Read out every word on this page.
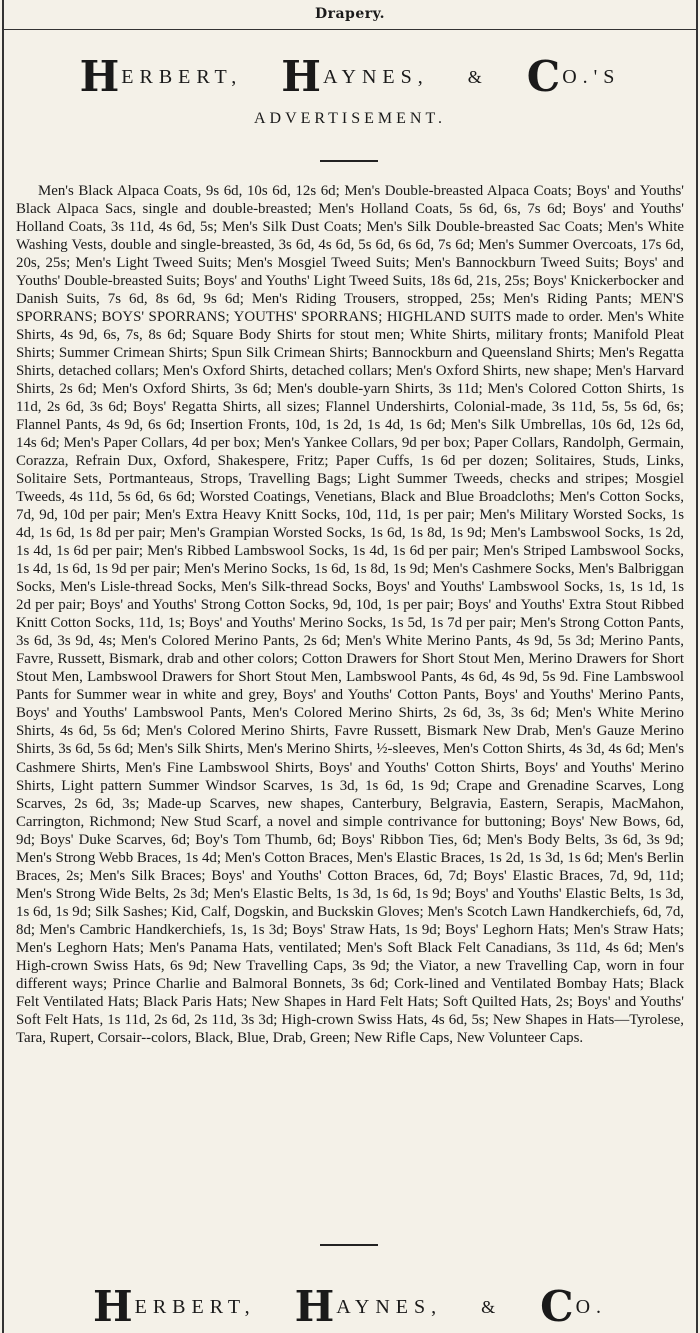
Drapery.
HERBERT, H AYNES, & C O.'S
ADVERTISEMENT.
Men's Black Alpaca Coats, 9s 6d, 10s 6d, 12s 6d; Men's Double-breasted Alpaca Coats; Boys' and Youths' Black Alpaca Sacs, single and double-breasted; Men's Holland Coats, 5s 6d, 6s, 7s 6d; Boys' and Youths' Holland Coats, 3s 11d, 4s 6d, 5s; Men's Silk Dust Coats; Men's Silk Double-breasted Sac Coats; Men's White Washing Vests, double and single-breasted, 3s 6d, 4s 6d, 5s 6d, 6s 6d, 7s 6d; Men's Summer Overcoats, 17s 6d, 20s, 25s; Men's Light Tweed Suits; Men's Mosgiel Tweed Suits; Men's Bannockburn Tweed Suits; Boys' and Youths' Double-breasted Suits; Boys' and Youths' Light Tweed Suits, 18s 6d, 21s, 25s; Boys' Knickerbocker and Danish Suits, 7s 6d, 8s 6d, 9s 6d; Men's Riding Trousers, stropped, 25s; Men's Riding Pants; MEN'S SPORRANS; BOYS' SPORRANS; YOUTHS' SPORRANS; HIGHLAND SUITS made to order. Men's White Shirts, 4s 9d, 6s, 7s, 8s 6d; Square Body Shirts for stout men; White Shirts, military fronts; Manifold Pleat Shirts; Summer Crimean Shirts; Spun Silk Crimean Shirts; Bannockburn and Queensland Shirts; Men's Regatta Shirts, detached collars; Men's Oxford Shirts, detached collars; Men's Oxford Shirts, new shape; Men's Harvard Shirts, 2s 6d; Men's Oxford Shirts, 3s 6d; Men's double-yarn Shirts, 3s 11d; Men's Colored Cotton Shirts, 1s 11d, 2s 6d, 3s 6d; Boys' Regatta Shirts, all sizes; Flannel Undershirts, Colonial-made, 3s 11d, 5s, 5s 6d, 6s; Flannel Pants, 4s 9d, 6s 6d; Insertion Fronts, 10d, 1s 2d, 1s 4d, 1s 6d; Men's Silk Umbrellas, 10s 6d, 12s 6d, 14s 6d; Men's Paper Collars, 4d per box; Men's Yankee Collars, 9d per box; Paper Collars, Randolph, Germain, Corazza, Refrain Dux, Oxford, Shakespere, Fritz; Paper Cuffs, 1s 6d per dozen; Solitaires, Studs, Links, Solitaire Sets, Portmanteaus, Strops, Travelling Bags; Light Summer Tweeds, checks and stripes; Mosgiel Tweeds, 4s 11d, 5s 6d, 6s 6d; Worsted Coatings, Venetians, Black and Blue Broadcloths; Men's Cotton Socks, 7d, 9d, 10d per pair; Men's Extra Heavy Knitt Socks, 10d, 11d, 1s per pair; Men's Military Worsted Socks, 1s 4d, 1s 6d, 1s 8d per pair; Men's Grampian Worsted Socks, 1s 6d, 1s 8d, 1s 9d; Men's Lambswool Socks, 1s 2d, 1s 4d, 1s 6d per pair; Men's Ribbed Lambswool Socks, 1s 4d, 1s 6d per pair; Men's Striped Lambswool Socks, 1s 4d, 1s 6d, 1s 9d per pair; Men's Merino Socks, 1s 6d, 1s 8d, 1s 9d; Men's Cashmere Socks, Men's Balbriggan Socks, Men's Lisle-thread Socks, Men's Silk-thread Socks, Boys' and Youths' Lambswool Socks, 1s, 1s 1d, 1s 2d per pair; Boys' and Youths' Strong Cotton Socks, 9d, 10d, 1s per pair; Boys' and Youths' Extra Stout Ribbed Knitt Cotton Socks, 11d, 1s; Boys' and Youths' Merino Socks, 1s 5d, 1s 7d per pair; Men's Strong Cotton Pants, 3s 6d, 3s 9d, 4s; Men's Colored Merino Pants, 2s 6d; Men's White Merino Pants, 4s 9d, 5s 3d; Merino Pants, Favre, Russett, Bismark, drab and other colors; Cotton Drawers for Short Stout Men, Merino Drawers for Short Stout Men, Lambswool Drawers for Short Stout Men, Lambswool Pants, 4s 6d, 4s 9d, 5s 9d. Fine Lambswool Pants for Summer wear in white and grey, Boys' and Youths' Cotton Pants, Boys' and Youths' Merino Pants, Boys' and Youths' Lambswool Pants, Men's Colored Merino Shirts, 2s 6d, 3s, 3s 6d; Men's White Merino Shirts, 4s 6d, 5s 6d; Men's Colored Merino Shirts, Favre Russett, Bismark New Drab, Men's Gauze Merino Shirts, 3s 6d, 5s 6d; Men's Silk Shirts, Men's Merino Shirts, ½-sleeves, Men's Cotton Shirts, 4s 3d, 4s 6d; Men's Cashmere Shirts, Men's Fine Lambswool Shirts, Boys' and Youths' Cotton Shirts, Boys' and Youths' Merino Shirts, Light pattern Summer Windsor Scarves, 1s 3d, 1s 6d, 1s 9d; Crape and Grenadine Scarves, Long Scarves, 2s 6d, 3s; Made-up Scarves, new shapes, Canterbury, Belgravia, Eastern, Serapis, MacMahon, Carrington, Richmond; New Stud Scarf, a novel and simple contrivance for buttoning; Boys' New Bows, 6d, 9d; Boys' Duke Scarves, 6d; Boy's Tom Thumb, 6d; Boys' Ribbon Ties, 6d; Men's Body Belts, 3s 6d, 3s 9d; Men's Strong Webb Braces, 1s 4d; Men's Cotton Braces, Men's Elastic Braces, 1s 2d, 1s 3d, 1s 6d; Men's Berlin Braces, 2s; Men's Silk Braces; Boys' and Youths' Cotton Braces, 6d, 7d; Boys' Elastic Braces, 7d, 9d, 11d; Men's Strong Wide Belts, 2s 3d; Men's Elastic Belts, 1s 3d, 1s 6d, 1s 9d; Boys' and Youths' Elastic Belts, 1s 3d, 1s 6d, 1s 9d; Silk Sashes; Kid, Calf, Dogskin, and Buckskin Gloves; Men's Scotch Lawn Handkerchiefs, 6d, 7d, 8d; Men's Cambric Handkerchiefs, 1s, 1s 3d; Boys' Straw Hats, 1s 9d; Boys' Leghorn Hats; Men's Straw Hats; Men's Leghorn Hats; Men's Panama Hats, ventilated; Men's Soft Black Felt Canadians, 3s 11d, 4s 6d; Men's High-crown Swiss Hats, 6s 9d; New Travelling Caps, 3s 9d; the Viator, a new Travelling Cap, worn in four different ways; Prince Charlie and Balmoral Bonnets, 3s 6d; Cork-lined and Ventilated Bombay Hats; Black Felt Ventilated Hats; Black Paris Hats; New Shapes in Hard Felt Hats; Soft Quilted Hats, 2s; Boys' and Youths' Soft Felt Hats, 1s 11d, 2s 6d, 2s 11d, 3s 3d; High-crown Swiss Hats, 4s 6d, 5s; New Shapes in Hats—Tyrolese, Tara, Rupert, Corsair--colors, Black, Blue, Drab, Green; New Rifle Caps, New Volunteer Caps.
HERBERT, H AYNES, & C O.
